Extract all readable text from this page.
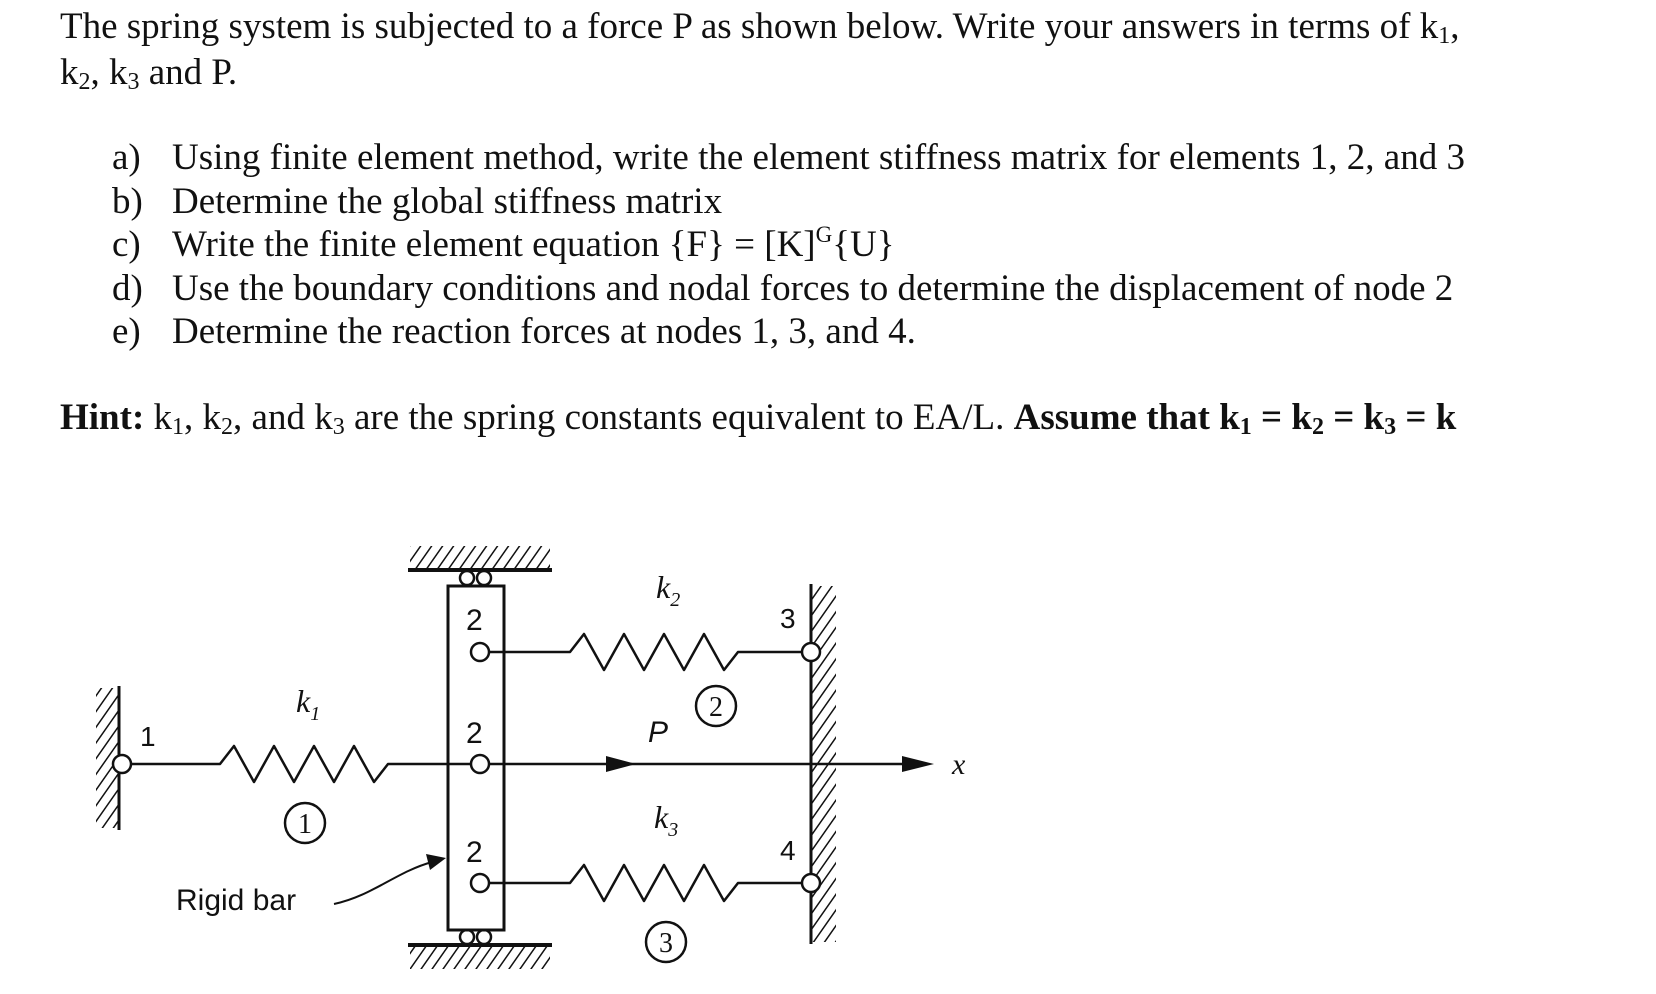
The spring system is subjected to a force P as shown below. Write your answers in terms of $k_1$,
$k_2$, $k_3$ and P.

a) Using finite element method, write the element stiffness matrix for elements 1, 2, and 3
b) Determine the global stiffness matrix
c) Write the finite element equation $\{F\} = [K]^G\{U\}$
d) Use the boundary conditions and nodal forces to determine the displacement of node 2
e) Determine the reaction forces at nodes 1, 3, and 4.

Hint: $k_1$, $k_2$, and $k_3$ are the spring constants equivalent to EA/L. Assume that $k_1 = k_2 = k_3 = k$

1
2
2
2
3
4
$k_1$
$k_2$
$k_3$
P
x
1
2
3
Rigid bar
